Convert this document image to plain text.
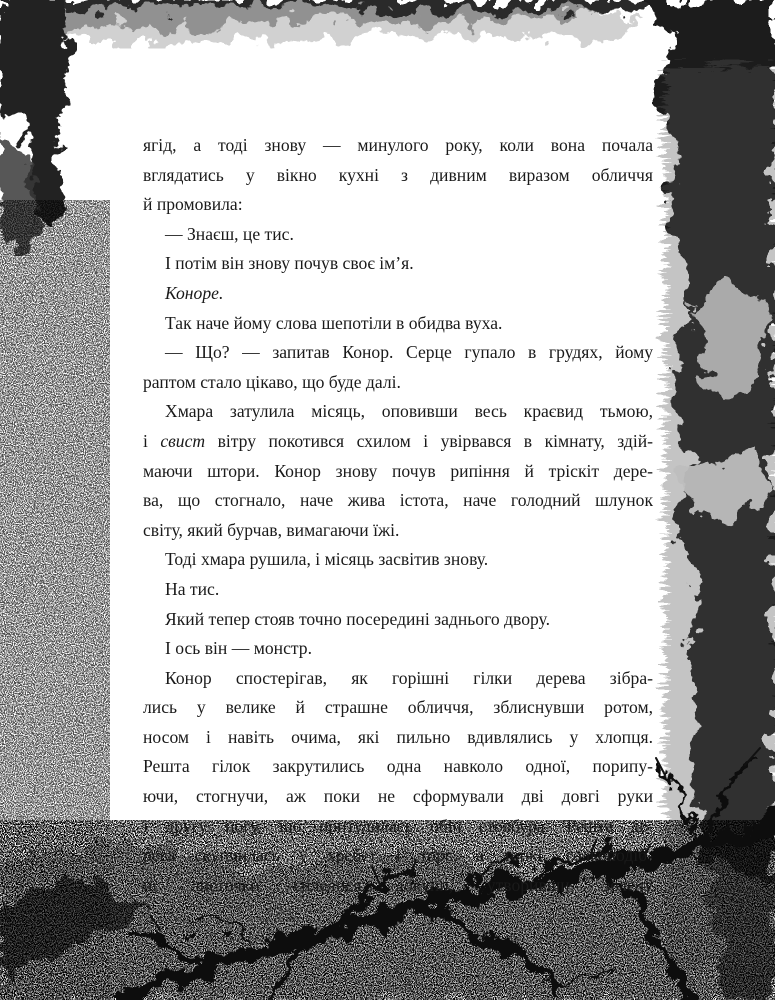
ягід, а тоді знову — минулого року, коли вона почала
вглядатись у вікно кухні з дивним виразом обличчя
й промовила:
— Знаєш, це тис.
І потім він знову почув своє ім’я.
Коноре.
Так наче йому слова шепотіли в обидва вуха.
— Що? — запитав Конор. Серце гупало в грудях, йому
раптом стало цікаво, що буде далі.
Хмара затулила місяць, оповивши весь краєвид тьмою,
і свист вітру покотився схилом і увірвався в кімнату, здій-
маючи штори. Конор знову почув рипіння й тріскіт дере-
ва, що стогнало, наче жива істота, наче голодний шлунок
світу, який бурчав, вимагаючи їжі.
Тоді хмара рушила, і місяць засвітив знову.
На тис.
Який тепер стояв точно посередині заднього двору.
І ось він — монстр.
Конор спостерігав, як горішні гілки дерева зібра-
лись у велике й страшне обличчя, зблиснувши ротом,
носом і навіть очима, які пильно вдивлялись у хлопця.
Решта гілок закрутились одна навколо одної, порипу-
ючи, стогнучи, аж поки не сформували дві довгі руки
і другу ногу, що притулилась обіч стовбура. Решта де-
рева скупчилась у хребет і торс, а тонкі, голкоподіб-
ні листочки сплелися докупи, утворивши зелену
